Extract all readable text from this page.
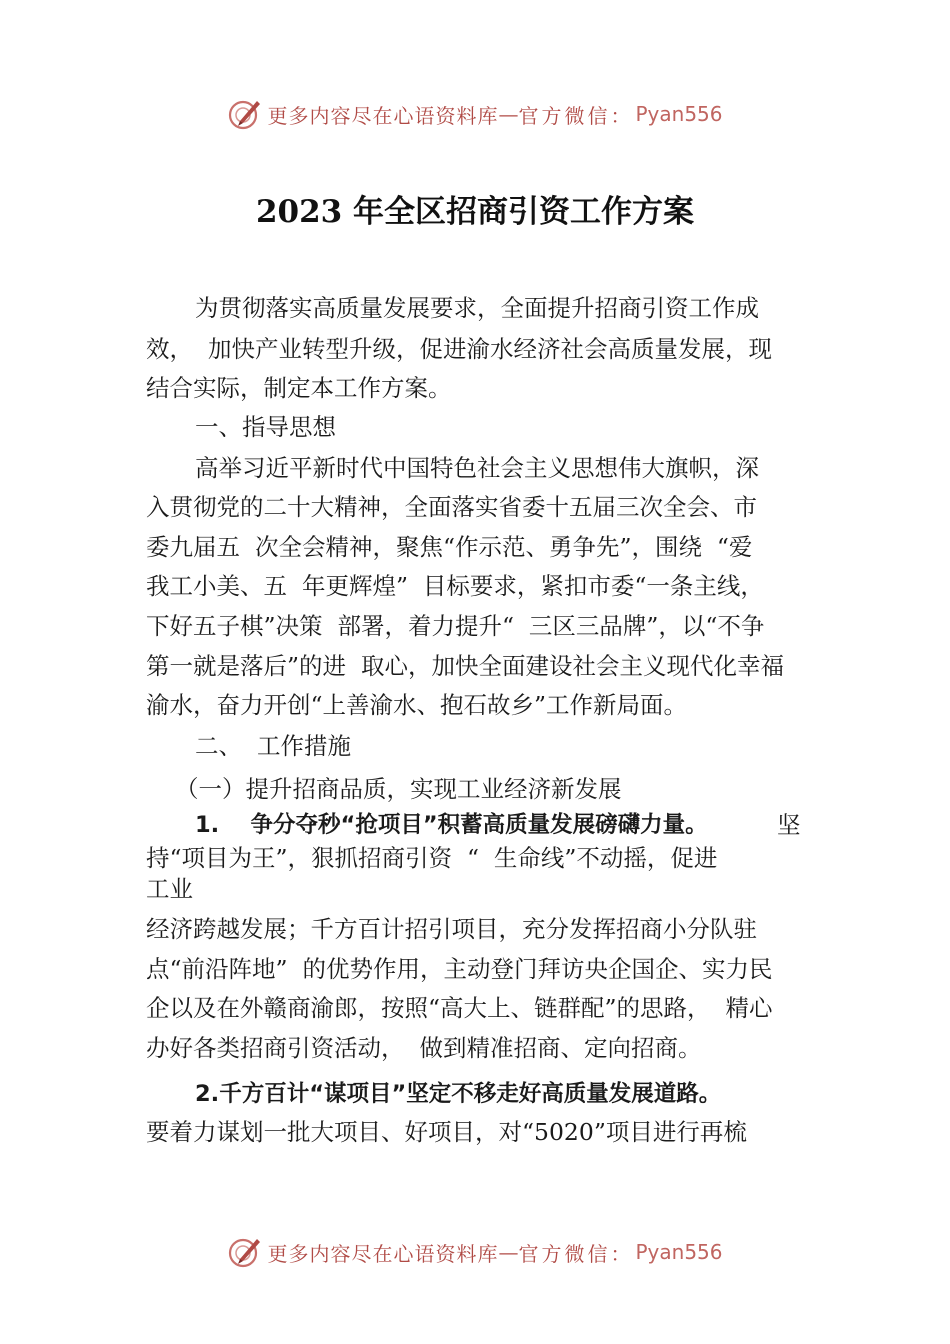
更多内容尽在心语资料库 — 官方微信： Pyan556
2023 年全区招商引资工作方案
为贯彻落实高质量发展要求，全面提升招商引资工作成
效，  加快产业转型升级，促进渝水经济社会高质量发展，现
结合实际，制定本工作方案。
一、指导思想
高举习近平新时代中国特色社会主义思想伟大旗帜，深
入贯彻党的二十大精神，全面落实省委十五届三次全会、市
委九届五  次全会精神，聚焦“作示范、勇争先”，围绕  “爱
我工小美、五  年更辉煌”  目标要求，紧扣市委“一条主线，
下好五子棋”决策  部署，着力提升“  三区三品牌”，以“不争
第一就是落后”的进  取心，加快全面建设社会主义现代化幸福
渝水，奋力开创“上善渝水、抱石故乡”工作新局面。
二、  工作措施
（一）提升招商品质，实现工业经济新发展
1.    争分夺秒“抢项目”积蓄高质量发展磅礴力量。	坚
持“项目为王”，狠抓招商引资  “  生命线”不动摇，促进
工业
经济跨越发展；千方百计招引项目，充分发挥招商小分队驻
点“前沿阵地”  的优势作用，主动登门拜访央企国企、实力民
企以及在外赣商渝郎，按照“高大上、链群配”的思路，  精心
办好各类招商引资活动，  做到精准招商、定向招商。
2.千方百计“谋项目”坚定不移走好高质量发展道路。
要着力谋划一批大项目、好项目，对“5020”项目进行再梳
更多内容尽在心语资料库 — 官方微信： Pyan556
